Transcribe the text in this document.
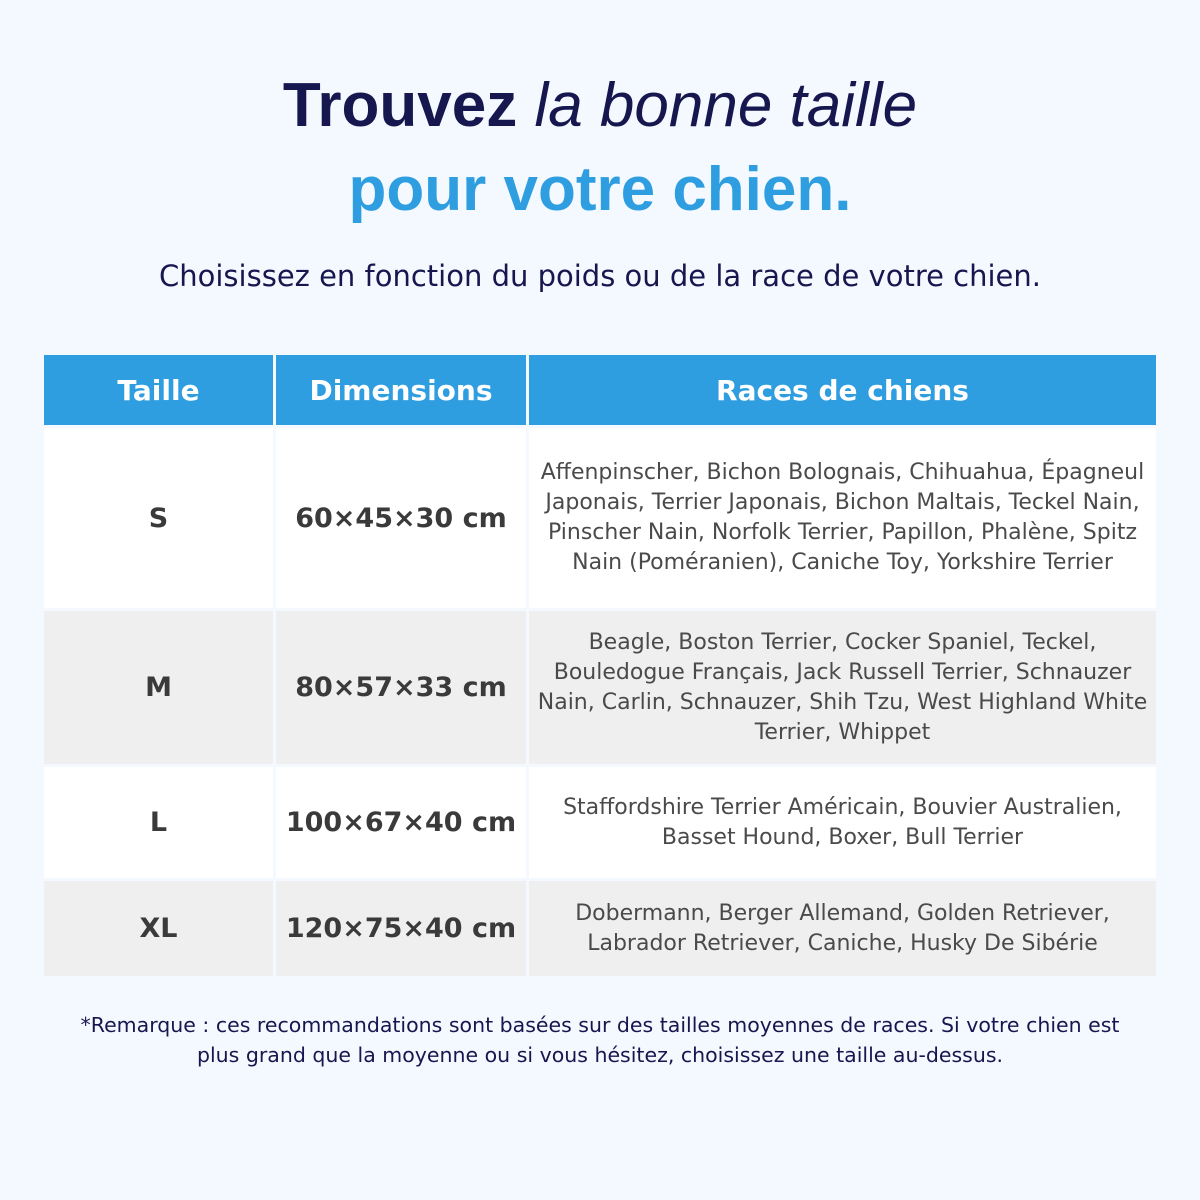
Trouvez la bonne taille
pour votre chien.
Choisissez en fonction du poids ou de la race de votre chien.
Taille	Dimensions	Races de chiens
S	60×45×30 cm	Affenpinscher, Bichon Bolognais, Chihuahua, Épagneul Japonais, Terrier Japonais, Bichon Maltais, Teckel Nain, Pinscher Nain, Norfolk Terrier, Papillon, Phalène, Spitz Nain (Poméranien), Caniche Toy, Yorkshire Terrier
M	80×57×33 cm	Beagle, Boston Terrier, Cocker Spaniel, Teckel, Bouledogue Français, Jack Russell Terrier, Schnauzer Nain, Carlin, Schnauzer, Shih Tzu, West Highland White Terrier, Whippet
L	100×67×40 cm	Staffordshire Terrier Américain, Bouvier Australien, Basset Hound, Boxer, Bull Terrier
XL	120×75×40 cm	Dobermann, Berger Allemand, Golden Retriever, Labrador Retriever, Caniche, Husky De Sibérie
*Remarque : ces recommandations sont basées sur des tailles moyennes de races. Si votre chien est plus grand que la moyenne ou si vous hésitez, choisissez une taille au-dessus.
